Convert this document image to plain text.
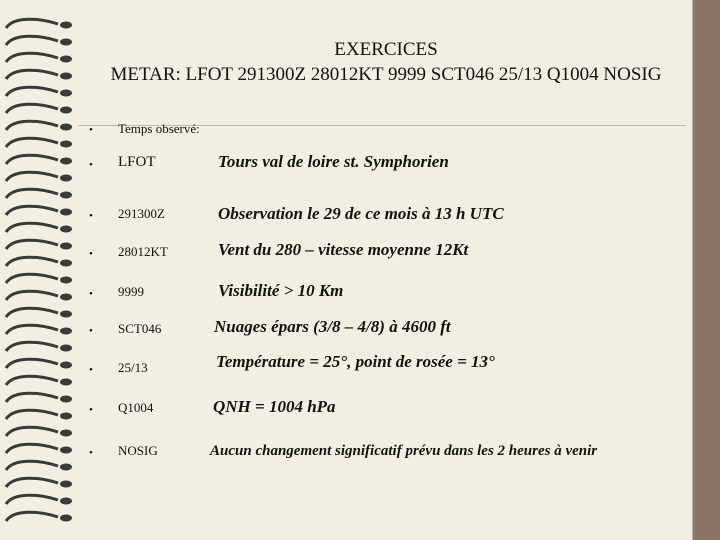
EXERCICES
METAR: LFOT 291300Z 28012KT 9999 SCT046 25/13 Q1004 NOSIG
• Temps observé:
• LFOT	Tours val de loire st. Symphorien
• 291300Z	Observation le 29 de ce mois à 13 h UTC
• 28012KT	Vent du 280 – vitesse moyenne 12Kt
• 9999	Visibilité > 10 Km
• SCT046	Nuages épars (3/8 – 4/8) à 4600 ft
• 25/13	Température = 25°, point de rosée = 13°
• Q1004	QNH = 1004 hPa
• NOSIG	Aucun changement significatif prévu dans les 2 heures à venir
